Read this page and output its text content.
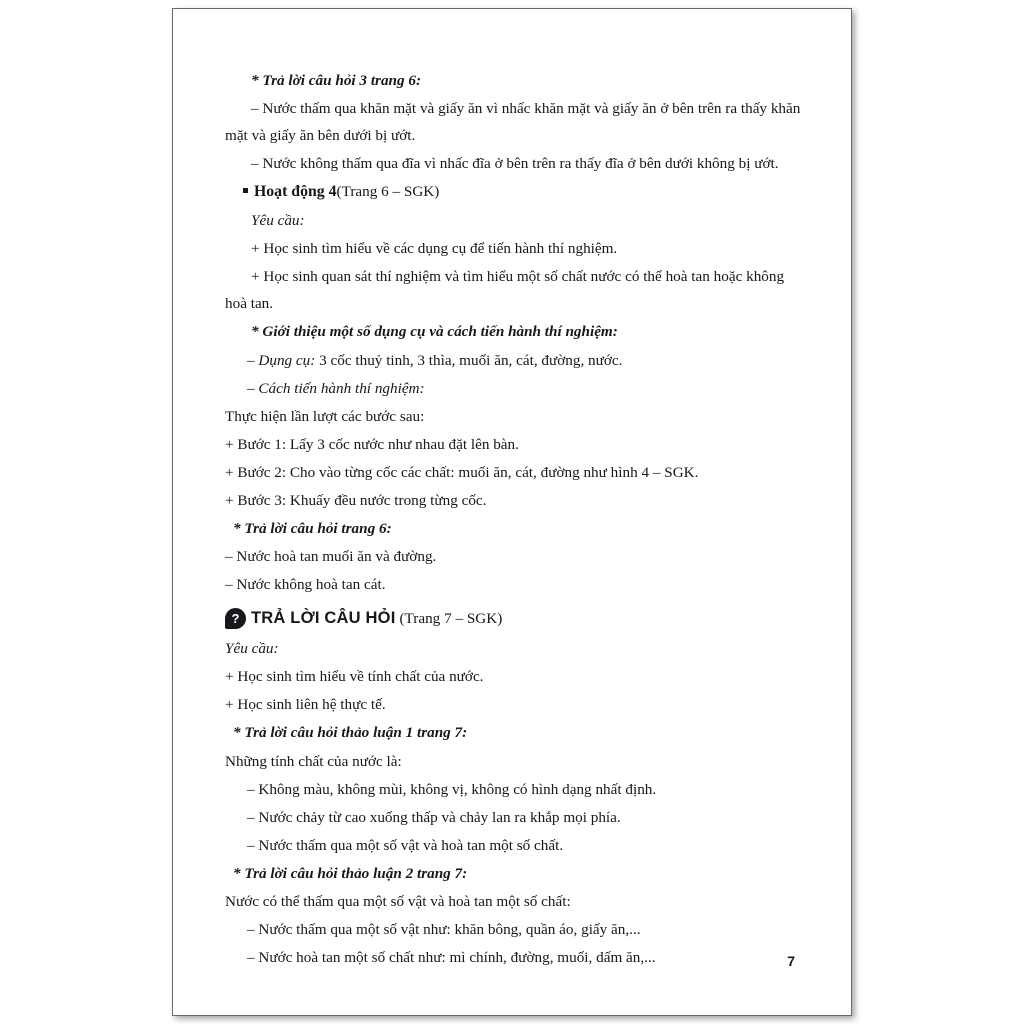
* Trả lời câu hỏi 3 trang 6:

– Nước thấm qua khăn mặt và giấy ăn vì nhấc khăn mặt và giấy ăn ở bên trên ra thấy khăn mặt và giấy ăn bên dưới bị ướt.

– Nước không thấm qua đĩa vì nhấc đĩa ở bên trên ra thấy đĩa ở bên dưới không bị ướt.

Hoạt động 4(Trang 6 – SGK)

Yêu cầu:

+ Học sinh tìm hiểu về các dụng cụ để tiến hành thí nghiệm.

+ Học sinh quan sát thí nghiệm và tìm hiểu một số chất nước có thể hoà tan hoặc không hoà tan.

* Giới thiệu một số dụng cụ và cách tiến hành thí nghiệm:

– Dụng cụ: 3 cốc thuỷ tinh, 3 thìa, muối ăn, cát, đường, nước.

– Cách tiến hành thí nghiệm:

Thực hiện lần lượt các bước sau:

+ Bước 1: Lấy 3 cốc nước như nhau đặt lên bàn.

+ Bước 2: Cho vào từng cốc các chất: muối ăn, cát, đường như hình 4 – SGK.

+ Bước 3: Khuấy đều nước trong từng cốc.

* Trả lời câu hỏi trang 6:

– Nước hoà tan muối ăn và đường.

– Nước không hoà tan cát.

? TRẢ LỜI CÂU HỎI (Trang 7 – SGK)

Yêu cầu:

+ Học sinh tìm hiểu về tính chất của nước.

+ Học sinh liên hệ thực tế.

* Trả lời câu hỏi thảo luận 1 trang 7:

Những tính chất của nước là:

– Không màu, không mùi, không vị, không có hình dạng nhất định.

– Nước chảy từ cao xuống thấp và chảy lan ra khắp mọi phía.

– Nước thấm qua một số vật và hoà tan một số chất.

* Trả lời câu hỏi thảo luận 2 trang 7:

Nước có thể thấm qua một số vật và hoà tan một số chất:

– Nước thấm qua một số vật như: khăn bông, quần áo, giấy ăn,...

– Nước hoà tan một số chất như: mì chính, đường, muối, dấm ăn,...	7
